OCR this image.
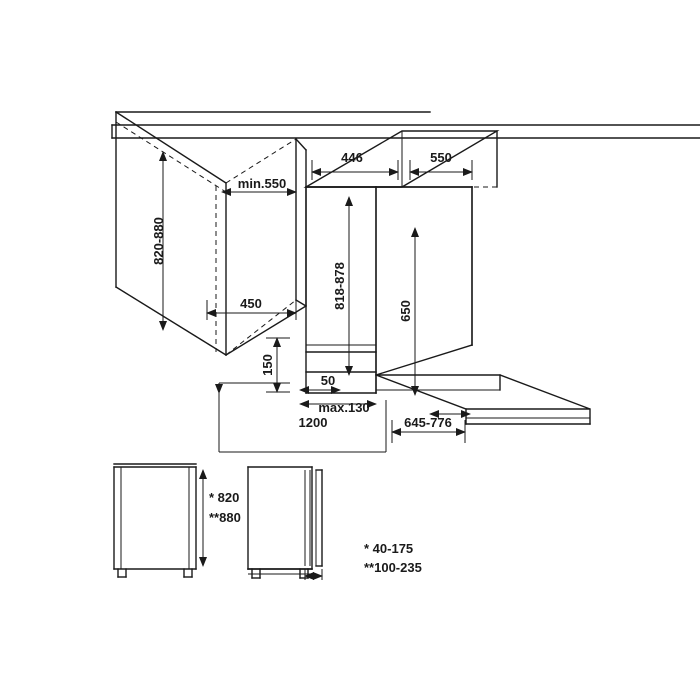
820-880
min.550
450
446	550
818-878
650
150
50
max.130
1200	645-776
* 820
**880
* 40-175
**100-235
